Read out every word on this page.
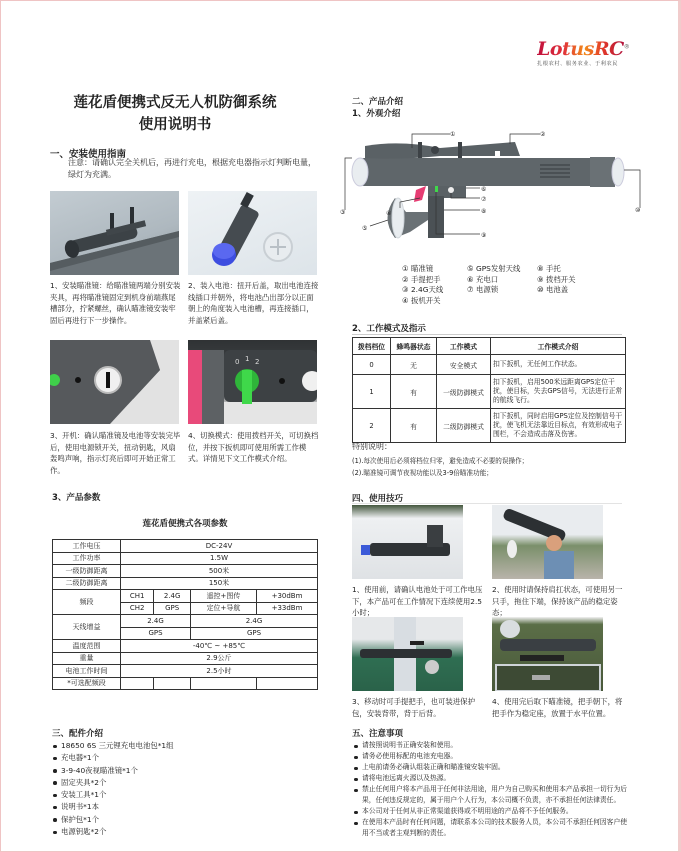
莲花盾便携式反无人机防御系统
使用说明书
一、安装使用指南
注意：请确认完全关机后，再进行充电，根据充电器指示灯判断电量，绿灯为充满。
1、安装瞄准镜：给瞄准镜两端分别安装夹具，再将瞄准镜固定到机身前端燕尾槽部分，拧紧螺丝，确认瞄准镜安装牢固后再进行下一步操作。
2、装入电池：扭开后盖，取出电池连接线插口并朝外，将电池凸出部分以正面朝上的角度装入电池槽，再连接插口，并盖紧后盖。
0 1 2
3、开机：确认瞄准镜及电池等安装完毕后，使用电源锁开关，扭动钥匙，风扇轰鸣声响，指示灯亮后即可开始正常工作。
4、切换模式：使用拨档开关，可切换档位，并按下扳机即可使用所需工作模式。详情见下文工作模式介绍。
3、产品参数
莲花盾便携式各项参数
工作电压	DC-24V			
工作功率	1.5W			
一级防御距离	500米			
二级防御距离	150米			
频段	CH1	2.4G	遥控+图传	+30dBm
	CH2	GPS	定位+导航	+33dBm
天线增益	2.4G		2.4G	
	GPS		GPS	
温度范围	-40℃ ~ +85℃			
重量	2.9公斤			
电池工作时间	2.5小时			
*可选配频段				
三、配件介绍
18650 6S 三元锂充电电池包*1组
充电器*1个
3-9-40夜视瞄准镜*1个
固定夹具*2个
安装工具*1个
说明书*1本
保护包*1个
电源钥匙*2个
LotusRC®
扎根农村、服务农业、于利农民
二、产品介绍
1、外观介绍
①	②
③	④
⑤
⑥
⑦
⑧
⑨
⑩
① 瞄准镜	⑤ GPS发射天线	⑧ 手托
② 手提把手	⑥ 充电口	⑨ 拨档开关
③ 2.4G天线	⑦ 电源锁	⑩ 电池盖
④ 扳机开关
2、工作模式及指示
拨档档位	蜂鸣器状态	工作模式	工作模式介绍
0	无	安全模式	扣下扳机，无任何工作状态。
1	有	一级防御模式	扣下扳机，启用500米远距离GPS定位干扰，使目标，失去GPS信号，无法进行正常的航线飞行。
2	有	二级防御模式	扣下扳机，同时启用GPS定位及控制信号干扰，使飞机无法靠近目标点，有效形成电子围栏，不会造成击落及伤害。
特别说明：
(1).每次使用后必须将档位归零，避免造成不必要的误操作；
(2).瞄准镜可调节夜视功能以及3-9倍瞄准功能；
四、使用技巧
1、使用前，请确认电池处于可工作电压下，本产品可在工作情况下连续使用2.5小时；
2、使用时请保持肩扛状态，可使用另一只手，拖住下端，保持该产品的稳定姿态；
3、移动时可手提把手，也可装进保护包，安装背带，背于后背。
4、使用完后取下瞄准镜，把手朝下，将把手作为稳定座，放置于水平位置。
五、注意事项
请按照说明书正确安装和使用。
请务必使用标配的电池充电器。
上电前请务必确认组装正确和瞄准镜安装牢固。
请将电池远离火源以及热源。
禁止任何用户将本产品用于任何非法用途，用户为自己购买和使用本产品承担一切行为后果，任何违反规定的，属于用户个人行为，本公司概不负责，亦不承担任何法律责任。
本公司对于任何从非正常渠道获得或不明用途的产品将不予任何服务。
在使用本产品时有任何问题，请联系本公司的技术服务人员，本公司不承担任何因客户使用不当或者主观判断的责任。
